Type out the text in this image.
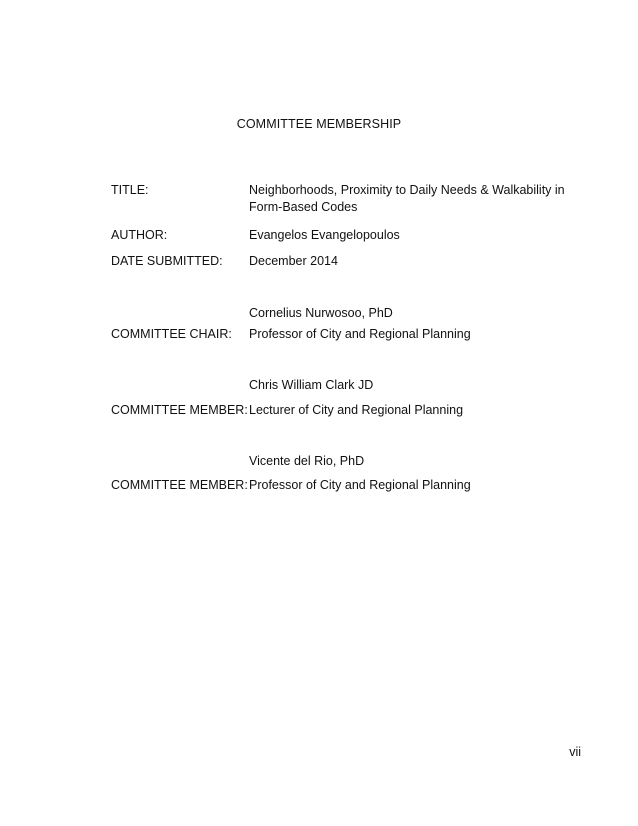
COMMITTEE MEMBERSHIP
TITLE:	Neighborhoods, Proximity to Daily Needs & Walkability in
Form-Based Codes
AUTHOR:	Evangelos Evangelopoulos
DATE SUBMITTED: December 2014
Cornelius Nurwosoo, PhD
COMMITTEE CHAIR: Professor of City and Regional Planning
Chris William Clark JD
COMMITTEE MEMBER: Lecturer of City and Regional Planning
Vicente del Rio, PhD
COMMITTEE MEMBER: Professor of City and Regional Planning
vii
